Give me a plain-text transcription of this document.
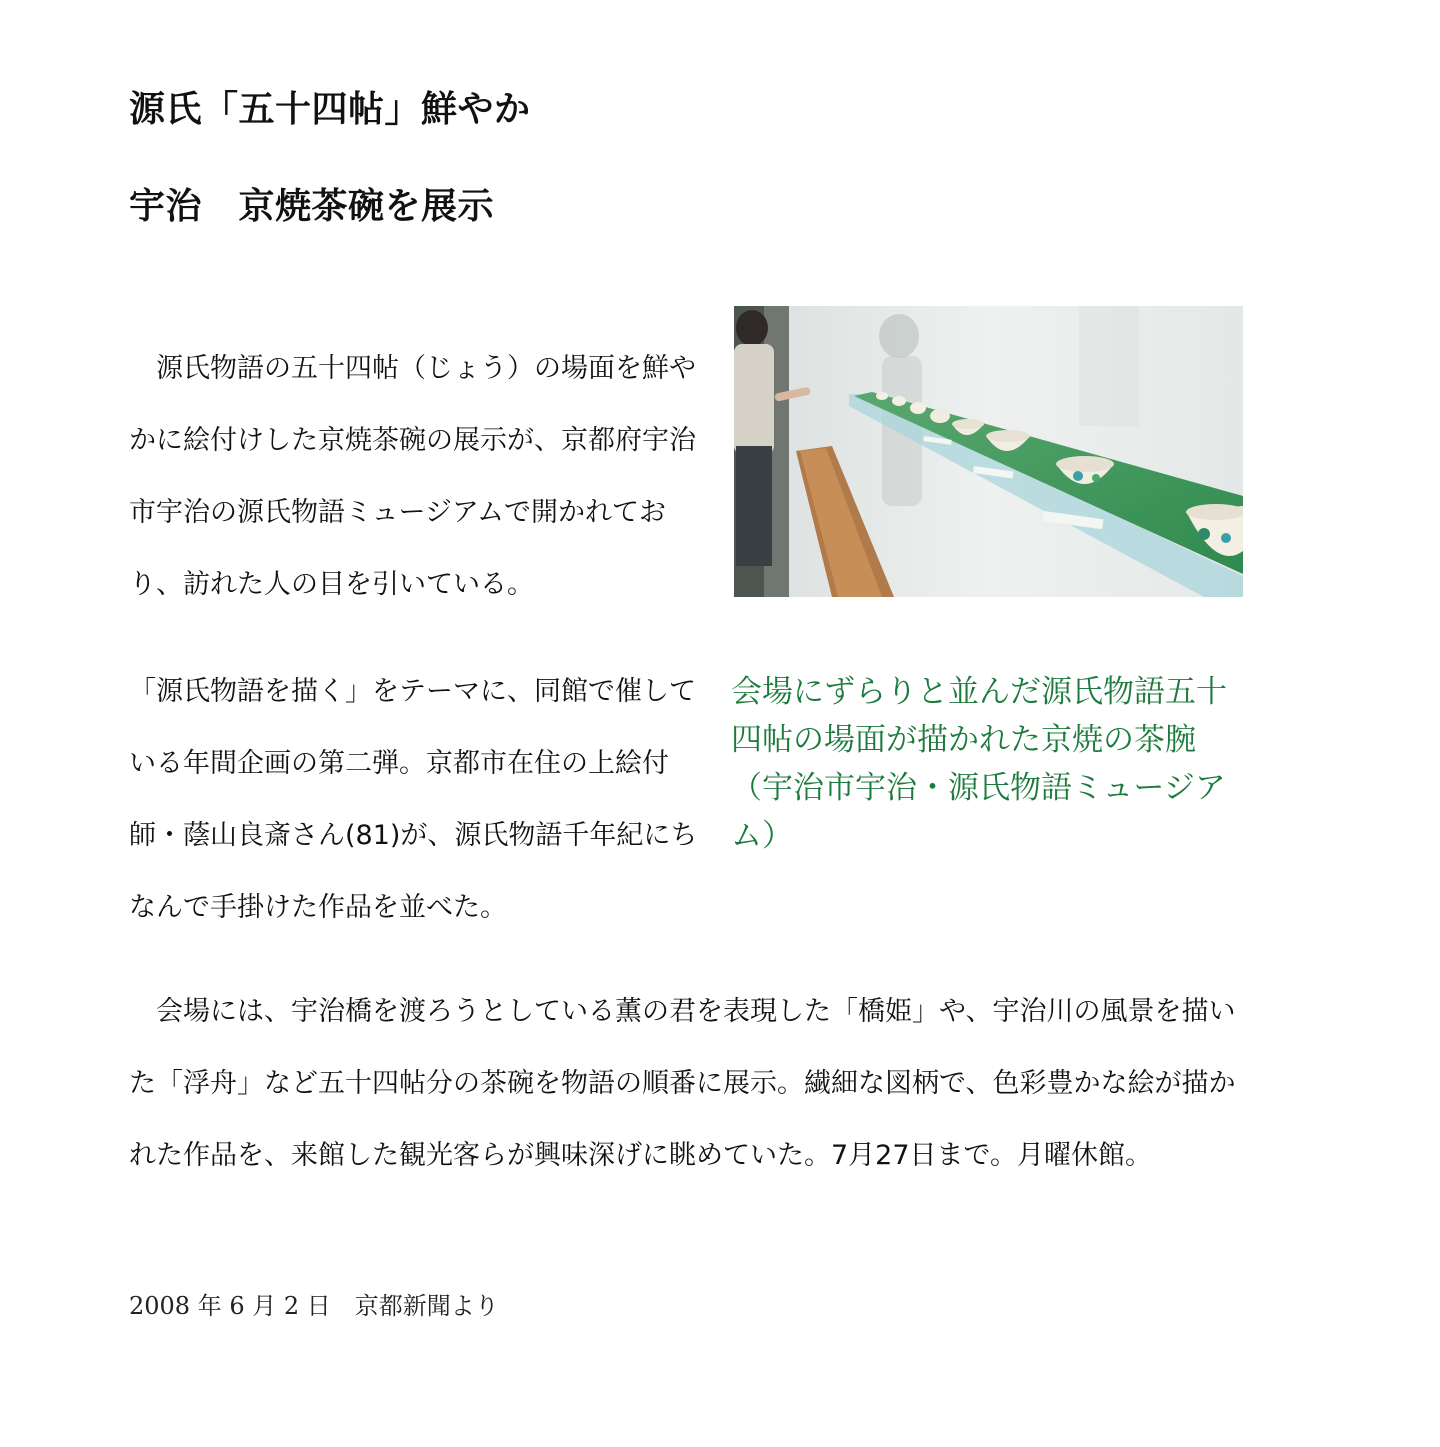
源氏「五十四帖」鮮やか
宇治　京焼茶碗を展示

　源氏物語の五十四帖（じょう）の場面を鮮やかに絵付けした京焼茶碗の展示が、京都府宇治市宇治の源氏物語ミュージアムで開かれており、訪れた人の目を引いている。

会場にずらりと並んだ源氏物語五十四帖の場面が描かれた京焼の茶腕（宇治市宇治・源氏物語ミュージアム）

「源氏物語を描く」をテーマに、同館で催している年間企画の第二弾。京都市在住の上絵付師・蔭山良斎さん(81)が、源氏物語千年紀にちなんで手掛けた作品を並べた。

　会場には、宇治橋を渡ろうとしている薫の君を表現した「橋姫」や、宇治川の風景を描いた「浮舟」など五十四帖分の茶碗を物語の順番に展示。繊細な図柄で、色彩豊かな絵が描かれた作品を、来館した観光客らが興味深げに眺めていた。7月27日まで。月曜休館。

2008 年 6 月 2 日　京都新聞より
